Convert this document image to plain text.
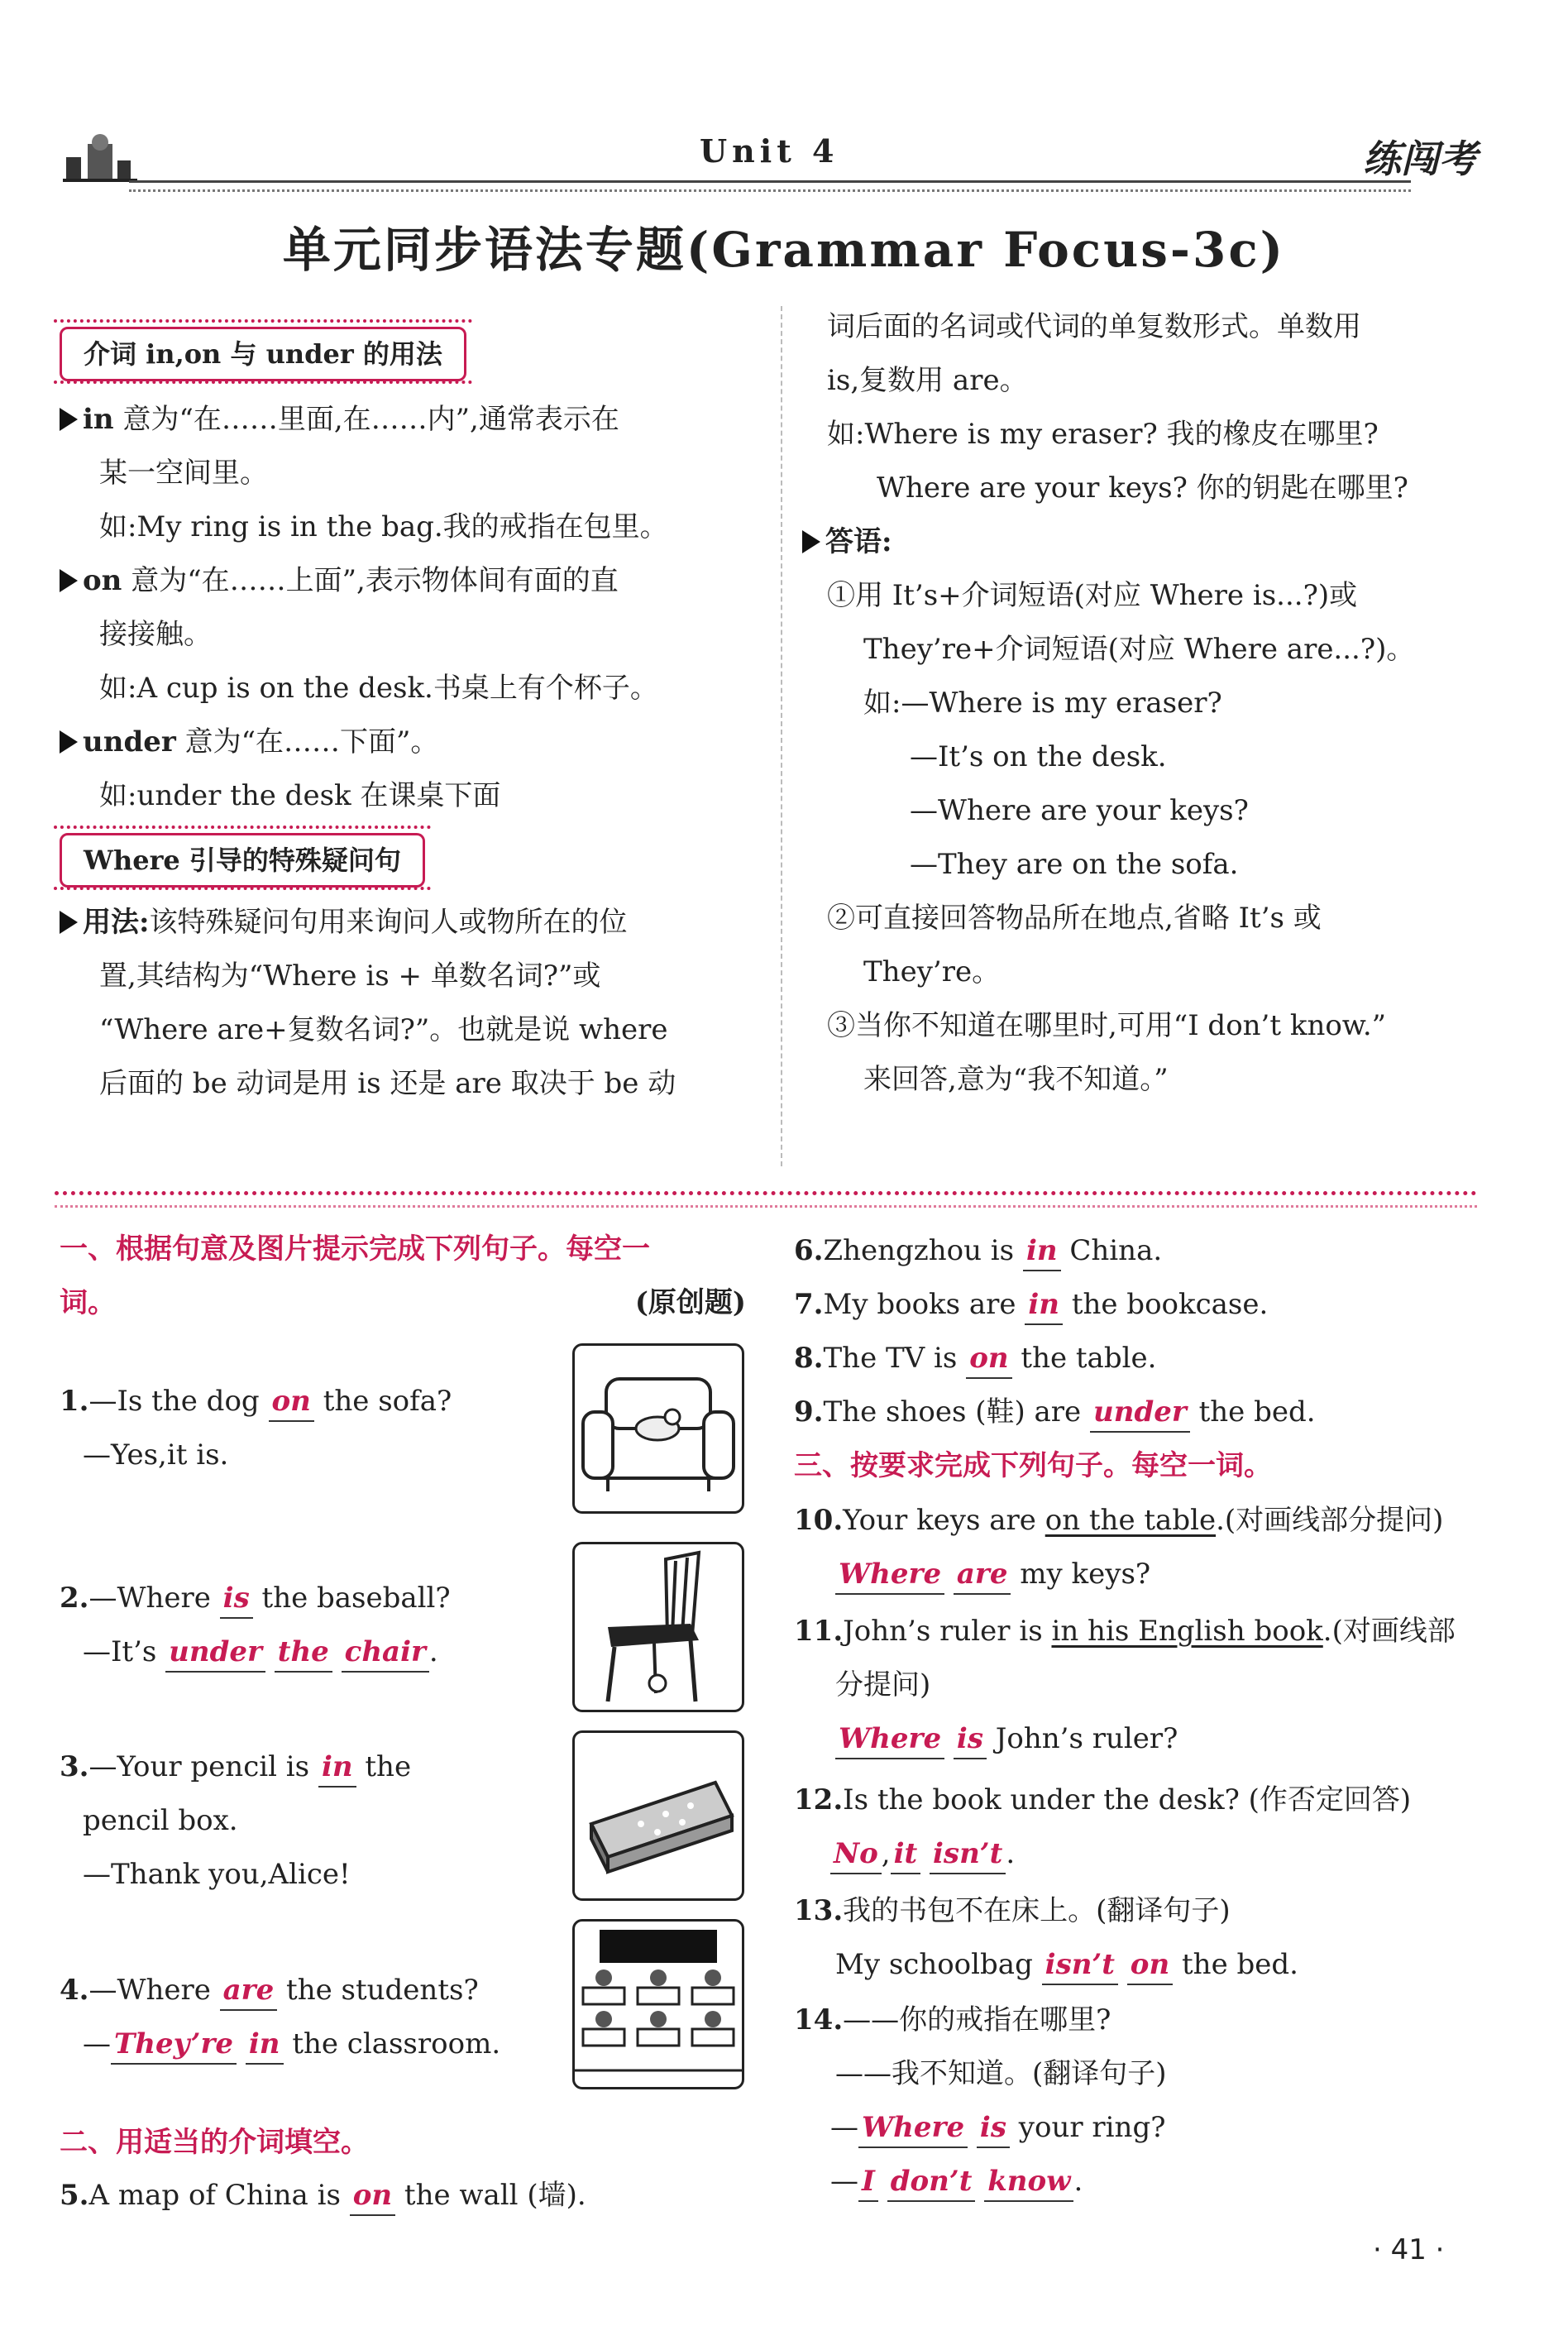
Unit 4	练闯考
单元同步语法专题(Grammar Focus-3c)

介词 in,on 与 under 的用法

in 意为“在……里面,在……内”,通常表示在

某一空间里。

如:My ring is in the bag.我的戒指在包里。

on 意为“在……上面”,表示物体间有面的直

接接触。

如:A cup is on the desk.书桌上有个杯子。

under 意为“在……下面”。

如:under the desk 在课桌下面

Where 引导的特殊疑问句

用法:该特殊疑问句用来询问人或物所在的位

置,其结构为“Where is + 单数名词?”或

“Where are+复数名词?”。也就是说 where

后面的 be 动词是用 is 还是 are 取决于 be 动

词后面的名词或代词的单复数形式。单数用

is,复数用 are。

如:Where is my eraser? 我的橡皮在哪里?

Where are your keys? 你的钥匙在哪里?

答语:

①用 It’s+介词短语(对应 Where is...?)或

They’re+介词短语(对应 Where are...?)。

如:—Where is my eraser?

—It’s on the desk.

—Where are your keys?

—They are on the sofa.

②可直接回答物品所在地点,省略 It’s 或

They’re。

③当你不知道在哪里时,可用“I don’t know.”

来回答,意为“我不知道。”

一、根据句意及图片提示完成下列句子。每空一
词。	(原创题)
1.—Is the dog on the sofa?
—Yes,it is.
2.—Where is the baseball?
—It’s under the chair .
3.—Your pencil is in the
pencil box.
—Thank you,Alice!
4.—Where are the students?
— They’re in the classroom.
二、用适当的介词填空。
5.A map of China is on the wall (墙).
6.Zhengzhou is in China.
7.My books are in the bookcase.
8.The TV is on the table.
9.The shoes (鞋) are under the bed.
三、按要求完成下列句子。每空一词。
10.Your keys are on the table.(对画线部分提问)
Where are my keys?
11.John’s ruler is in his English book.(对画线部
分提问)
Where is John’s ruler?
12.Is the book under the desk? (作否定回答)
No , it isn’t .
13.我的书包不在床上。(翻译句子)
My schoolbag isn’t on the bed.
14.——你的戒指在哪里?
——我不知道。(翻译句子)
— Where is your ring?
— I don’t know .
· 41 ·
